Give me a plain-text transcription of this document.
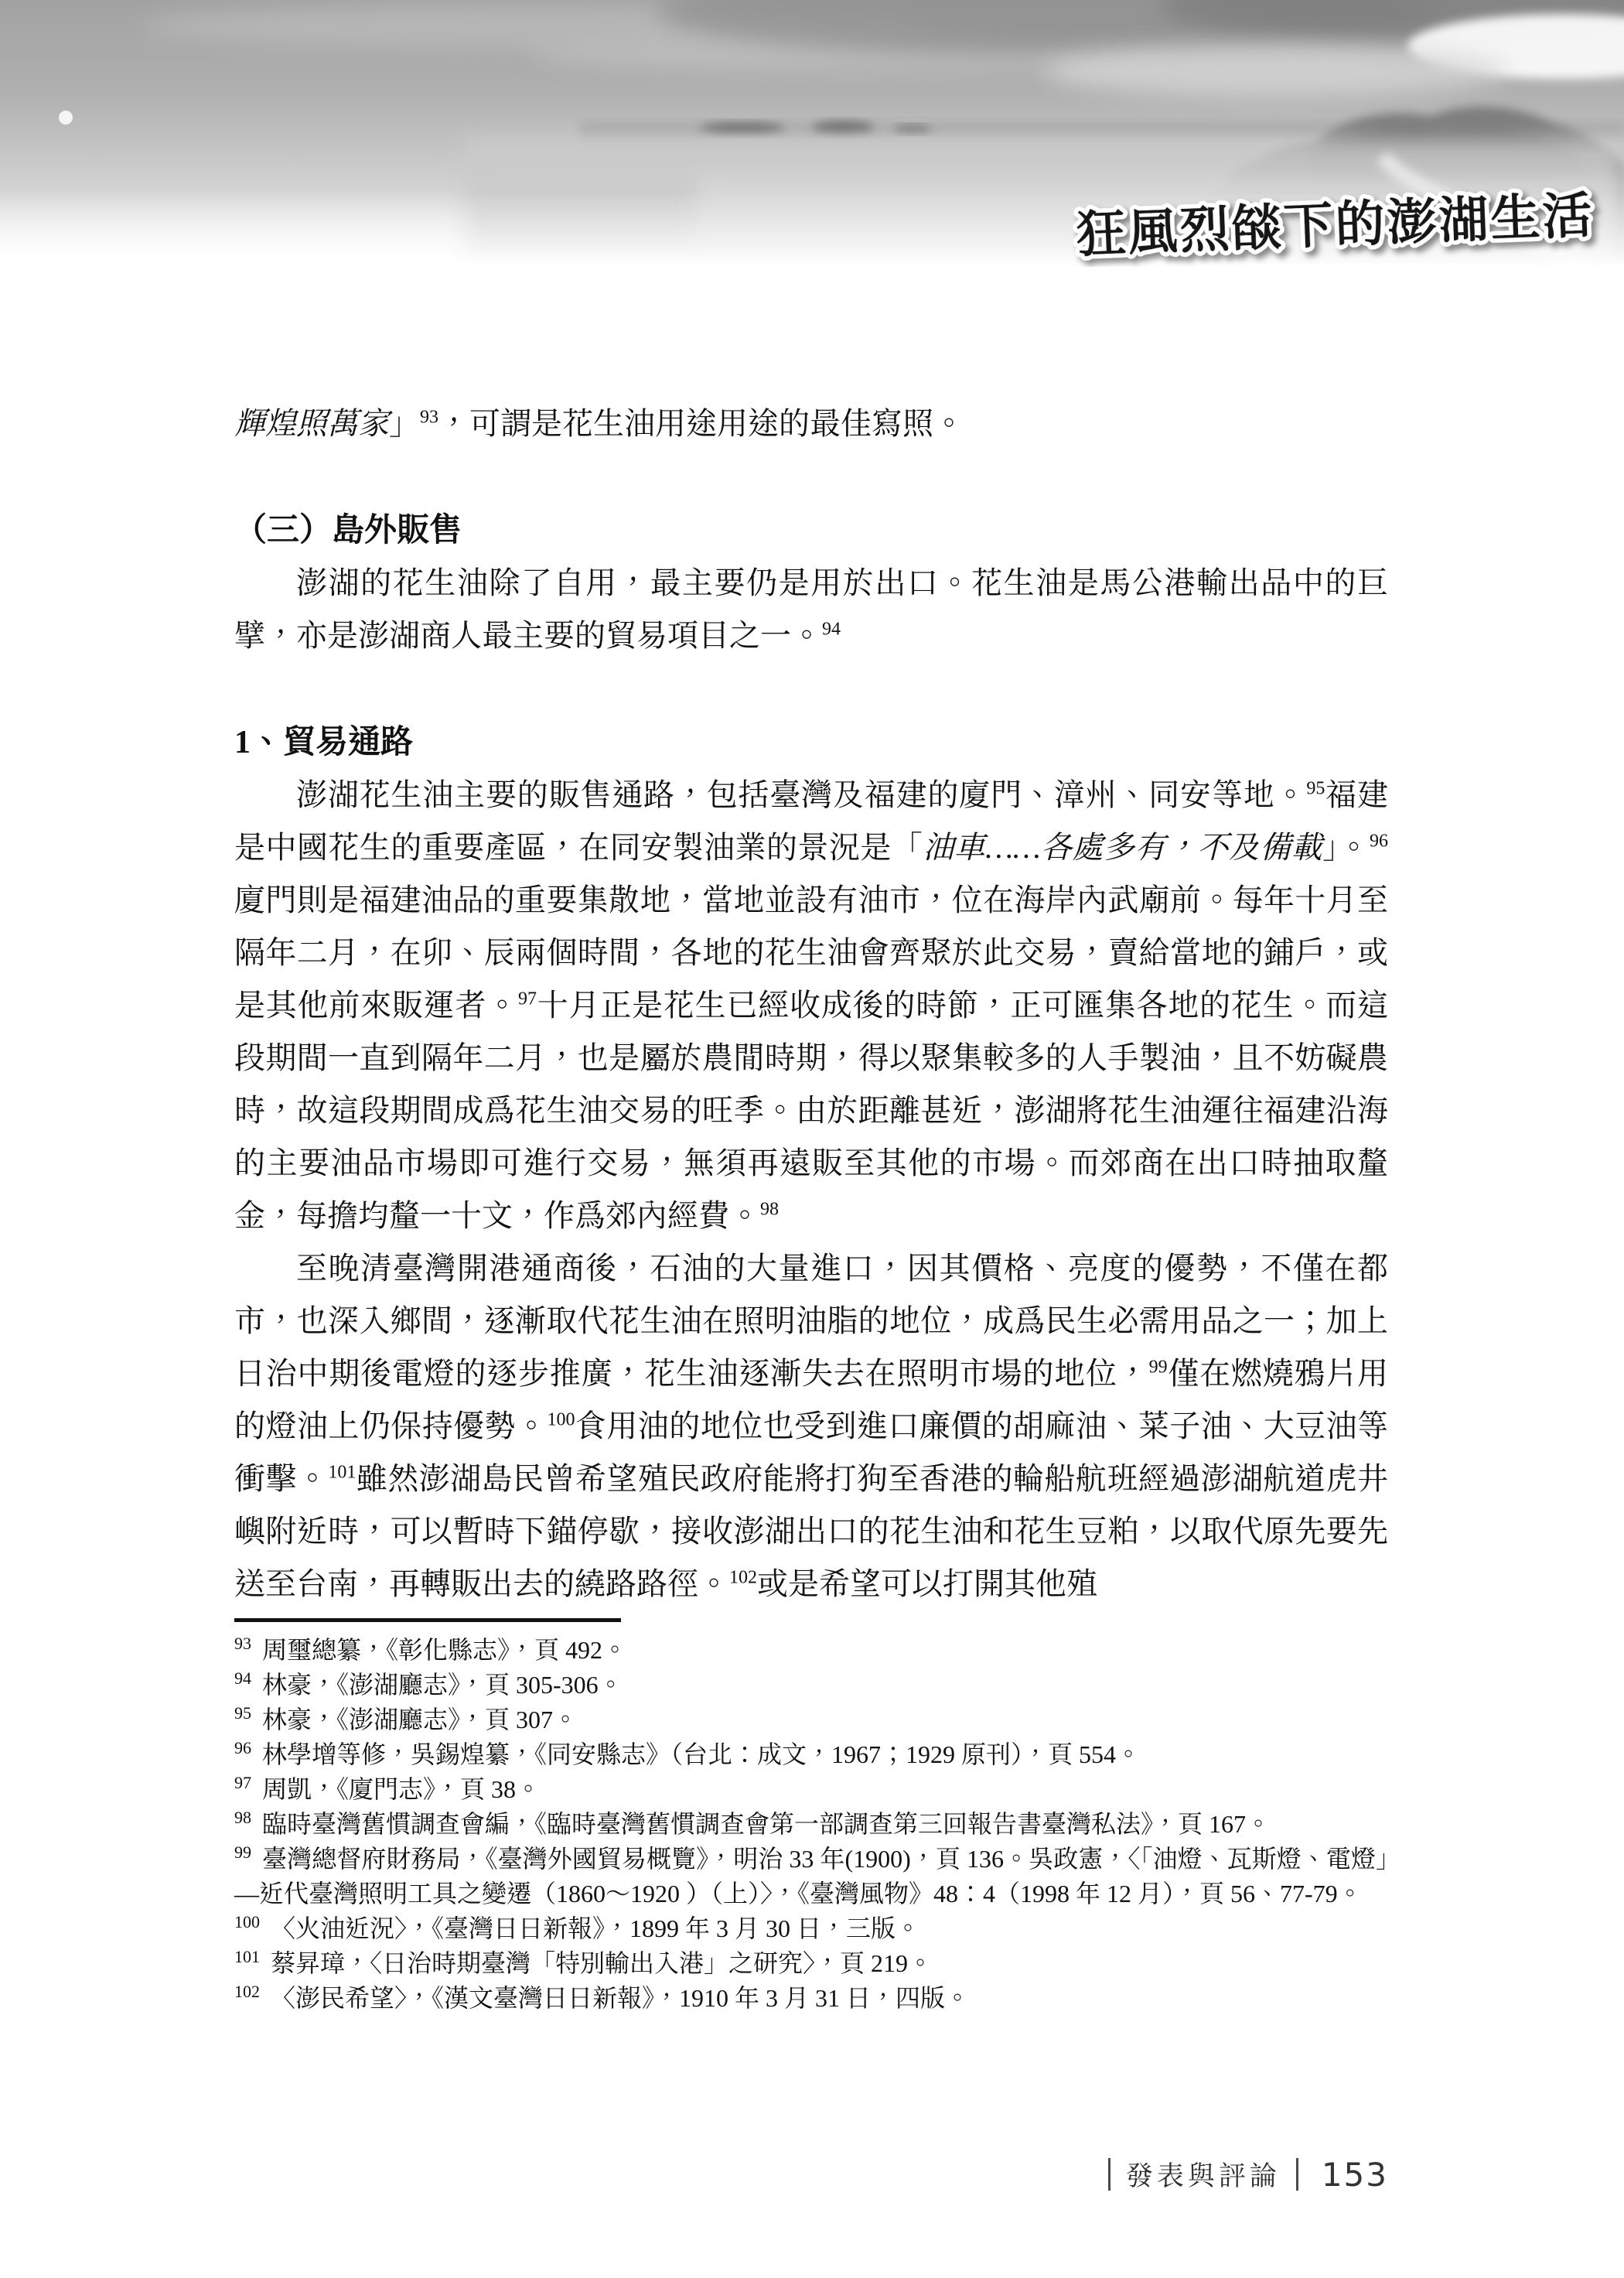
狂風烈燄下的澎湖生活

輝煌照萬家」$^{93}$，可謂是花生油用途用途的最佳寫照。

（三）島外販售

澎湖的花生油除了自用，最主要仍是用於出口。花生油是馬公港輸出品中的巨擘，亦是澎湖商人最主要的貿易項目之一。$^{94}$

1、貿易通路

澎湖花生油主要的販售通路，包括臺灣及福建的廈門、漳州、同安等地。$^{95}$福建是中國花生的重要產區，在同安製油業的景況是「油車……各處多有，不及備載」。$^{96}$廈門則是福建油品的重要集散地，當地並設有油市，位在海岸內武廟前。每年十月至隔年二月，在卯、辰兩個時間，各地的花生油會齊聚於此交易，賣給當地的鋪戶，或是其他前來販運者。$^{97}$十月正是花生已經收成後的時節，正可匯集各地的花生。而這段期間一直到隔年二月，也是屬於農閒時期，得以聚集較多的人手製油，且不妨礙農時，故這段期間成爲花生油交易的旺季。由於距離甚近，澎湖將花生油運往福建沿海的主要油品市場即可進行交易，無須再遠販至其他的市場。而郊商在出口時抽取釐金，每擔均釐一十文，作爲郊內經費。$^{98}$

至晚清臺灣開港通商後，石油的大量進口，因其價格、亮度的優勢，不僅在都市，也深入鄉間，逐漸取代花生油在照明油脂的地位，成爲民生必需用品之一；加上日治中期後電燈的逐步推廣，花生油逐漸失去在照明市場的地位，$^{99}$僅在燃燒鴉片用的燈油上仍保持優勢。$^{100}$食用油的地位也受到進口廉價的胡麻油、菜子油、大豆油等衝擊。$^{101}$雖然澎湖島民曾希望殖民政府能將打狗至香港的輪船航班經過澎湖航道虎井嶼附近時，可以暫時下錨停歇，接收澎湖出口的花生油和花生豆粕，以取代原先要先送至台南，再轉販出去的繞路路徑。$^{102}$或是希望可以打開其他殖

$^{93}$ 周璽總纂，《彰化縣志》，頁 492。

$^{94}$ 林豪，《澎湖廳志》，頁 305-306。

$^{95}$ 林豪，《澎湖廳志》，頁 307。

$^{96}$ 林學增等修，吳錫煌纂，《同安縣志》（台北：成文，1967；1929 原刊），頁 554。

$^{97}$ 周凱，《廈門志》，頁 38。

$^{98}$ 臨時臺灣舊慣調查會編，《臨時臺灣舊慣調查會第一部調查第三回報告書臺灣私法》，頁 167。

$^{99}$ 臺灣總督府財務局，《臺灣外國貿易概覽》，明治 33 年(1900)，頁 136。吳政憲，〈「油燈、瓦斯燈、電燈」—近代臺灣照明工具之變遷（1860～1920 ）（上）〉，《臺灣風物》48：4（1998 年 12 月），頁 56、77-79。

$^{100}$ 〈火油近況〉，《臺灣日日新報》，1899 年 3 月 30 日，三版。

$^{101}$ 蔡昇璋，〈日治時期臺灣「特別輸出入港」之研究〉，頁 219。

$^{102}$ 〈澎民希望〉，《漢文臺灣日日新報》，1910 年 3 月 31 日，四版。

發表與評論 153
